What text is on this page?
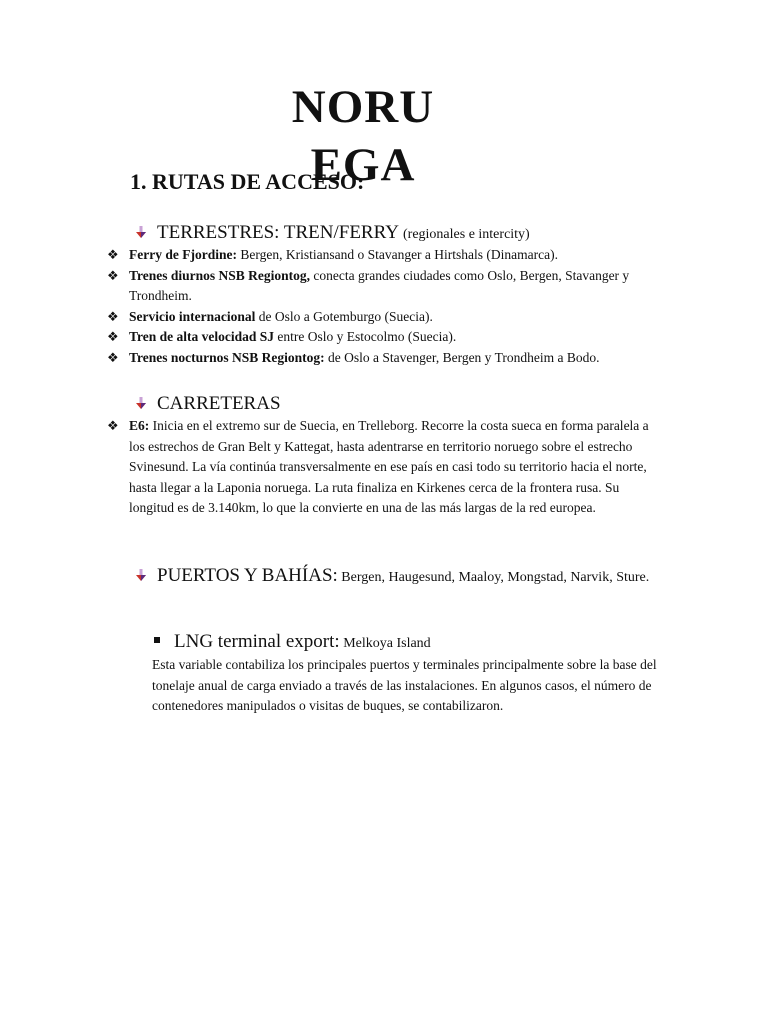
NORU
EGA
1. RUTAS DE ACCESO:
TERRESTRES: TREN/FERRY (regionales e intercity)
❖ Ferry de Fjordine: Bergen, Kristiansand o Stavanger a Hirtshals (Dinamarca).
❖ Trenes diurnos NSB Regiontog, conecta grandes ciudades como Oslo, Bergen, Stavanger y Trondheim.
❖ Servicio internacional de Oslo a Gotemburgo (Suecia).
❖ Tren de alta velocidad SJ entre Oslo y Estocolmo (Suecia).
❖ Trenes nocturnos NSB Regiontog: de Oslo a Stavenger, Bergen y Trondheim a Bodo.
CARRETERAS
❖ E6: Inicia en el extremo sur de Suecia, en Trelleborg. Recorre la costa sueca en forma paralela a los estrechos de Gran Belt y Kattegat, hasta adentrarse en territorio noruego sobre el estrecho Svinesund. La vía continúa transversalmente en ese país en casi todo su territorio hacia el norte, hasta llegar a la Laponia noruega. La ruta finaliza en Kirkenes cerca de la frontera rusa. Su longitud es de 3.140km, lo que la convierte en una de las más largas de la red europea.
PUERTOS Y BAHÍAS: Bergen, Haugesund, Maaloy, Mongstad, Narvik, Sture.
LNG terminal export: Melkoya Island

Esta variable contabiliza los principales puertos y terminales principalmente sobre la base del tonelaje anual de carga enviado a través de las instalaciones. En algunos casos, el número de contenedores manipulados o visitas de buques, se contabilizaron.
